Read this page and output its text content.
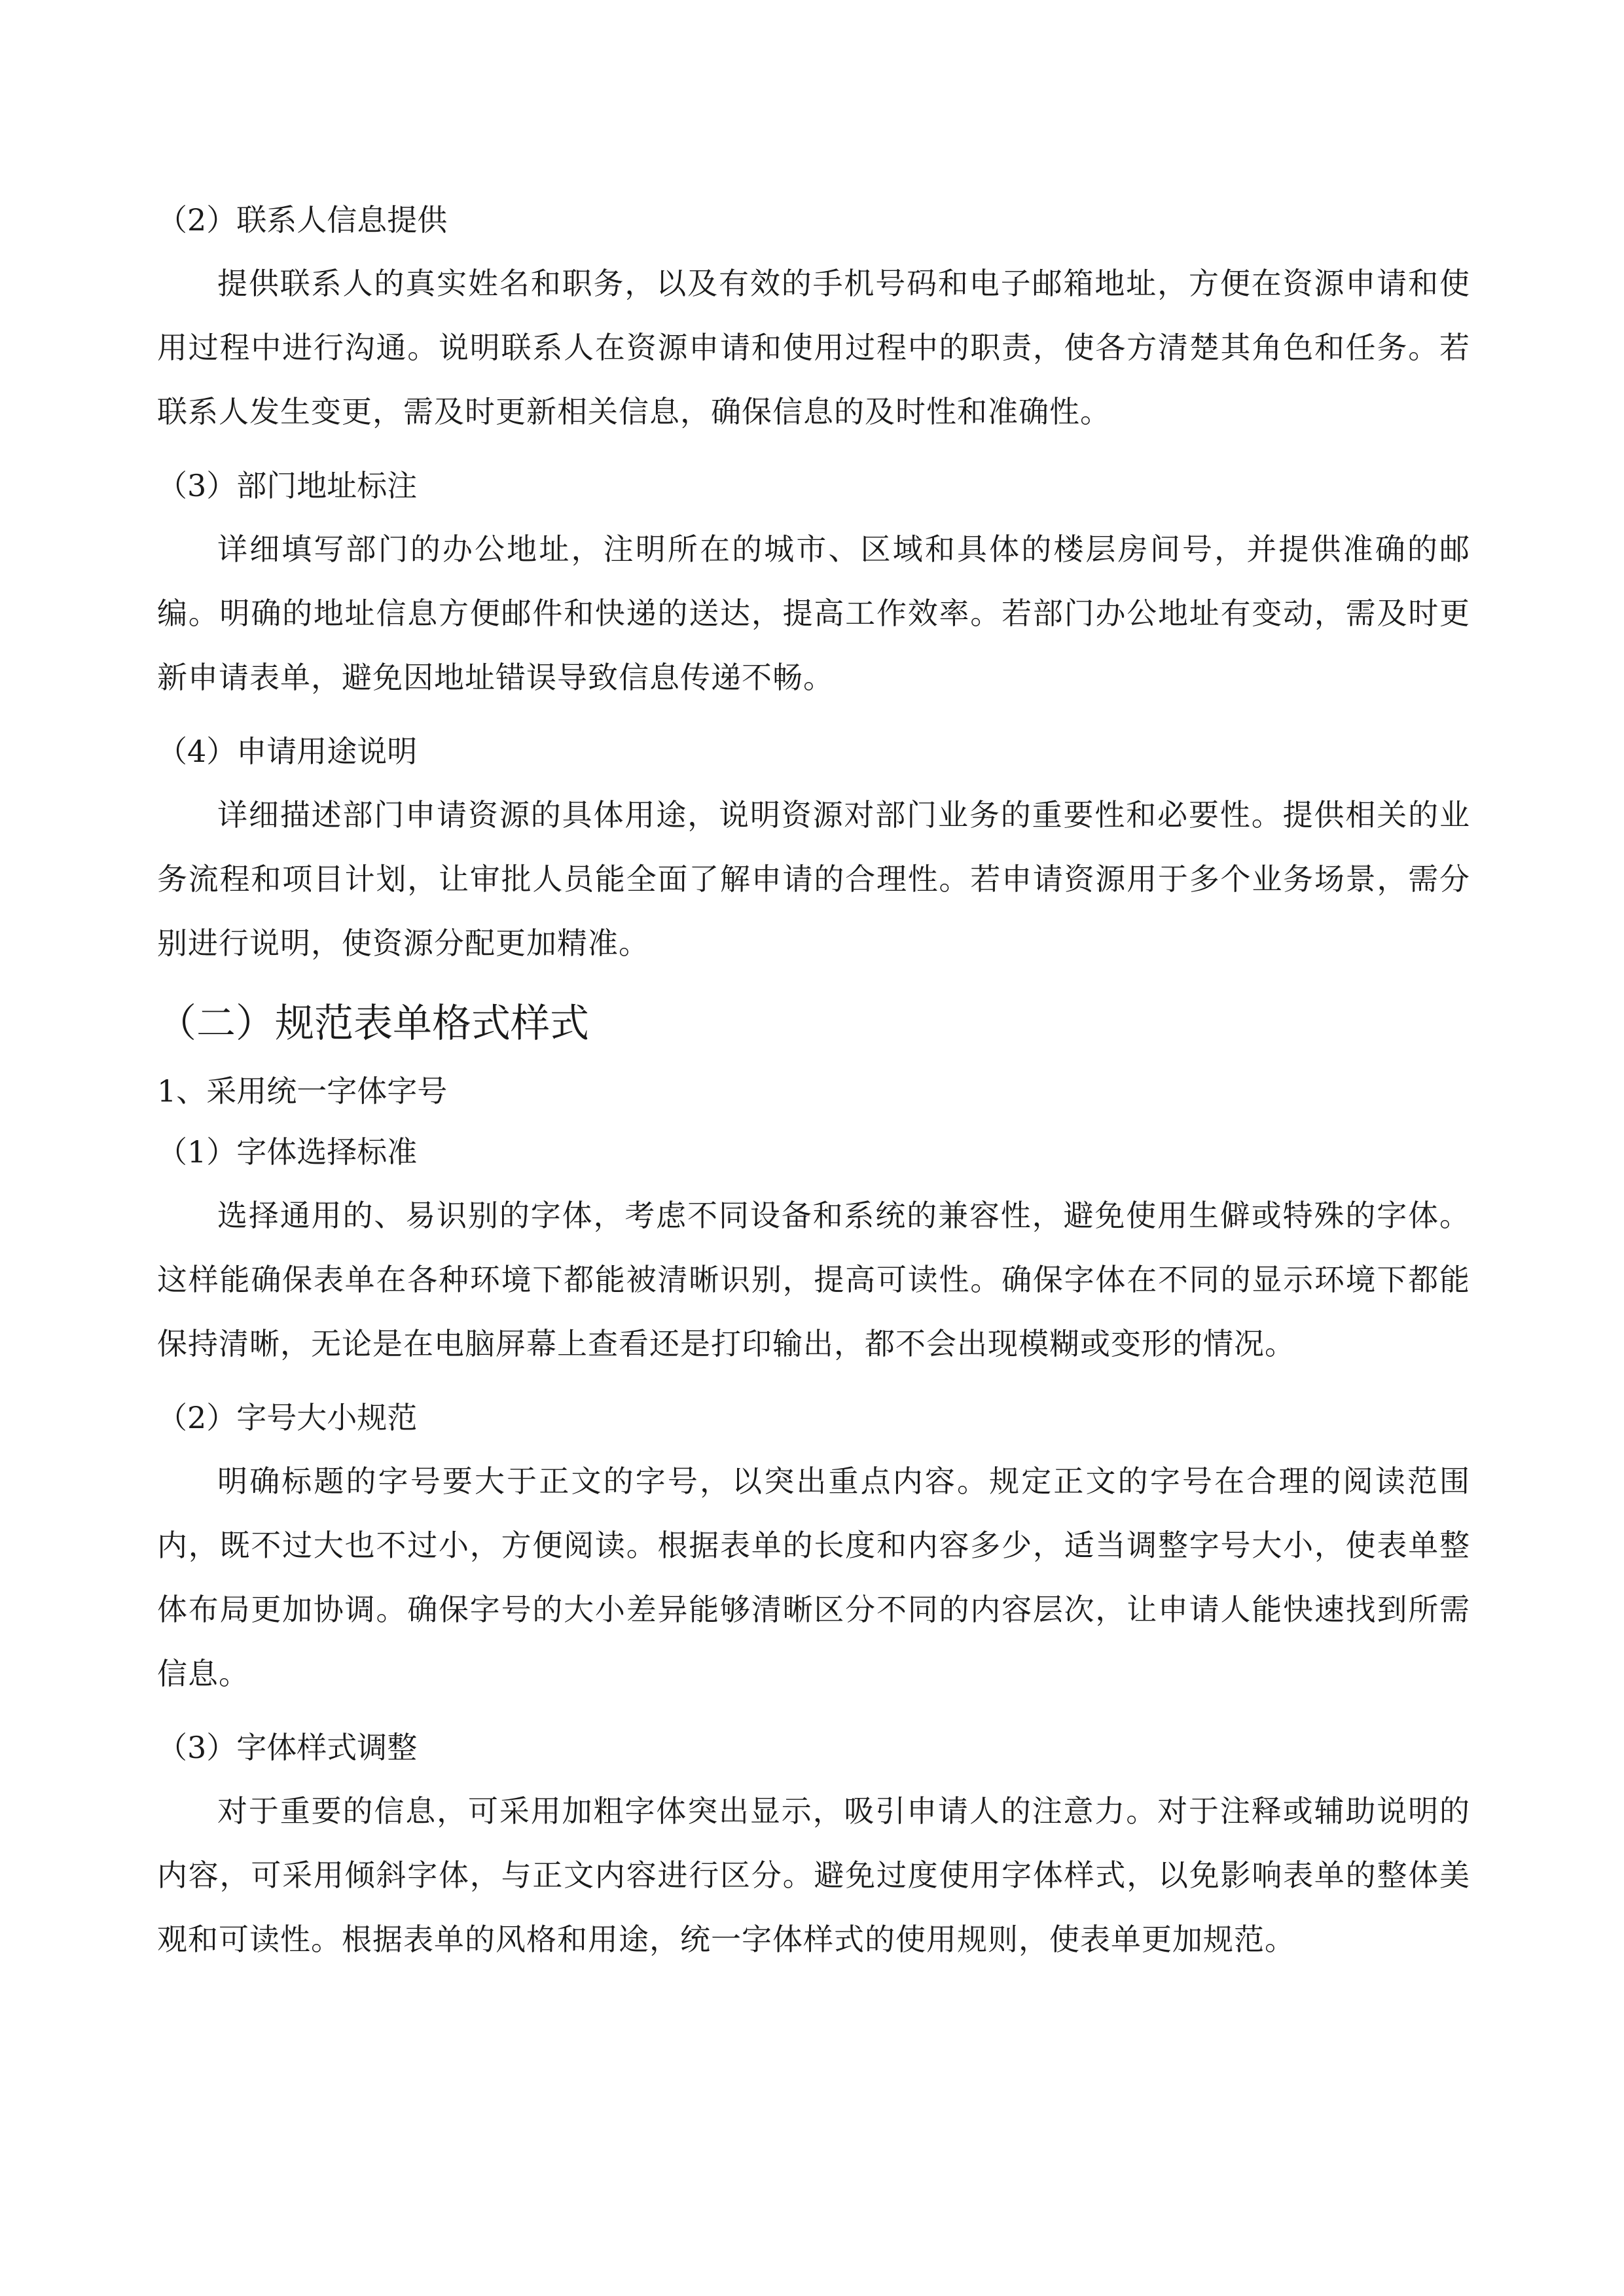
（2）联系人信息提供

提供联系人的真实姓名和职务，以及有效的手机号码和电子邮箱地址，方便在资源申请和使用过程中进行沟通。说明联系人在资源申请和使用过程中的职责，使各方清楚其角色和任务。若联系人发生变更，需及时更新相关信息，确保信息的及时性和准确性。

（3）部门地址标注

详细填写部门的办公地址，注明所在的城市、区域和具体的楼层房间号，并提供准确的邮编。明确的地址信息方便邮件和快递的送达，提高工作效率。若部门办公地址有变动，需及时更新申请表单，避免因地址错误导致信息传递不畅。

（4）申请用途说明

详细描述部门申请资源的具体用途，说明资源对部门业务的重要性和必要性。提供相关的业务流程和项目计划，让审批人员能全面了解申请的合理性。若申请资源用于多个业务场景，需分别进行说明，使资源分配更加精准。

（二）规范表单格式样式

1、采用统一字体字号

（1）字体选择标准

选择通用的、易识别的字体，考虑不同设备和系统的兼容性，避免使用生僻或特殊的字体。这样能确保表单在各种环境下都能被清晰识别，提高可读性。确保字体在不同的显示环境下都能保持清晰，无论是在电脑屏幕上查看还是打印输出，都不会出现模糊或变形的情况。

（2）字号大小规范

明确标题的字号要大于正文的字号，以突出重点内容。规定正文的字号在合理的阅读范围内，既不过大也不过小，方便阅读。根据表单的长度和内容多少，适当调整字号大小，使表单整体布局更加协调。确保字号的大小差异能够清晰区分不同的内容层次，让申请人能快速找到所需信息。

（3）字体样式调整

对于重要的信息，可采用加粗字体突出显示，吸引申请人的注意力。对于注释或辅助说明的内容，可采用倾斜字体，与正文内容进行区分。避免过度使用字体样式，以免影响表单的整体美观和可读性。根据表单的风格和用途，统一字体样式的使用规则，使表单更加规范。
